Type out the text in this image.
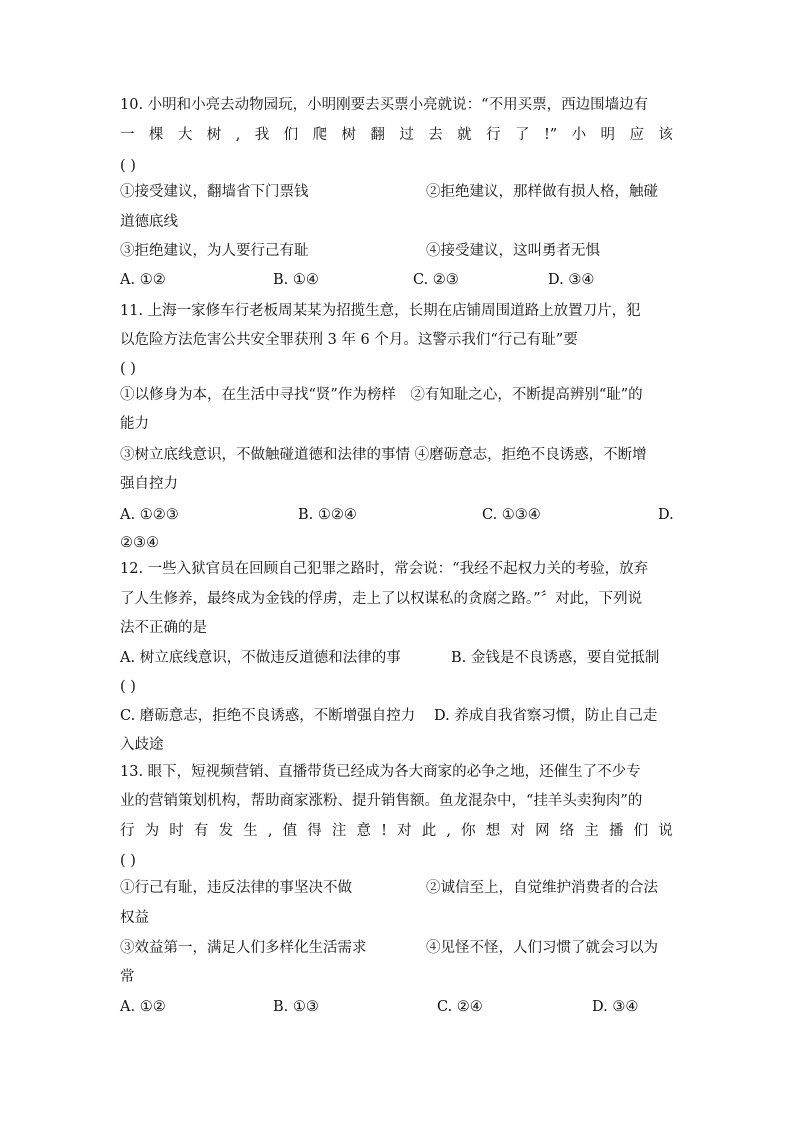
10. 小明和小亮去动物园玩，小明刚要去买票小亮就说：“不用买票，西边围墙边有
一 棵 大 树 , 我 们 爬 树 翻 过 去 就 行 了 !” 小 明 应 该
( )
①接受建议，翻墙省下门票钱	②拒绝建议，那样做有损人格，触碰
道德底线
③拒绝建议，为人要行己有耻	④接受建议，这叫勇者无惧
A. ①②	B. ①④	C. ②③	D. ③④
11. 上海一家修车行老板周某某为招揽生意，长期在店铺周围道路上放置刀片，犯
以危险方法危害公共安全罪获刑 3 年 6 个月。这警示我们“行己有耻”要
( )
①以修身为本，在生活中寻找“贤”作为榜样　②有知耻之心，不断提高辨别“耻”的
能力
③树立底线意识，不做触碰道德和法律的事情 ④磨砺意志，拒绝不良诱惑，不断增
强自控力
A. ①②③	B. ①②④	C. ①③④	D.
②③④
12. 一些入狱官员在回顾自己犯罪之路时，常会说：“我经不起权力关的考验，放弃
了人生修养，最终成为金钱的俘虏，走上了以权谋私的贪腐之路。”〞对此，下列说
法不正确的是
A. 树立底线意识，不做违反道德和法律的事	B. 金钱是不良诱惑，要自觉抵制
( )
C. 磨砺意志，拒绝不良诱惑，不断增强自控力 D. 养成自我省察习惯，防止自己走
入歧途
13. 眼下，短视频营销、直播带货已经成为各大商家的必争之地，还催生了不少专
业的营销策划机构，帮助商家涨粉、提升销售额。鱼龙混杂中，“挂羊头卖狗肉”的
行 为 时 有 发 生 , 值 得 注 意 ! 对 此 , 你 想 对 网 络 主 播 们 说
( )
①行己有耻，违反法律的事坚决不做	②诚信至上，自觉维护消费者的合法
权益
③效益第一，满足人们多样化生活需求	④见怪不怪，人们习惯了就会习以为
常
A. ①②	B. ①③	C. ②④	D. ③④
